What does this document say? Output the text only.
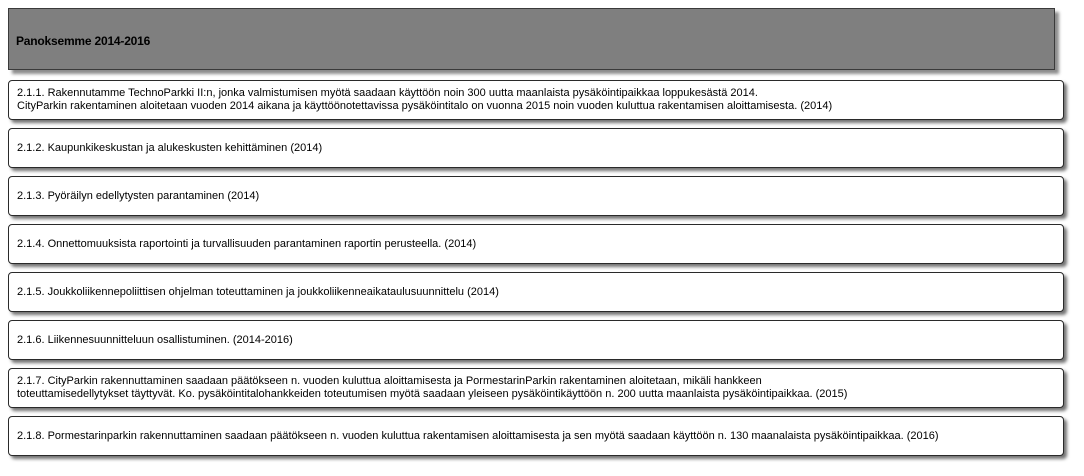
Panoksemme 2014-2016
2.1.1. Rakennutamme TechnoParkki II:n, jonka valmistumisen myötä saadaan käyttöön noin 300 uutta maanlaista pysäköintipaikkaa loppukesästä 2014.
CityParkin rakentaminen aloitetaan vuoden 2014 aikana ja käyttöönotettavissa pysäköintitalo on vuonna 2015 noin vuoden kuluttua rakentamisen aloittamisesta. (2014)
2.1.2. Kaupunkikeskustan ja alukeskusten kehittäminen (2014)
2.1.3. Pyöräilyn edellytysten parantaminen (2014)
2.1.4. Onnettomuuksista raportointi ja turvallisuuden parantaminen raportin perusteella. (2014)
2.1.5. Joukkoliikennepoliittisen ohjelman toteuttaminen ja joukkoliikenneaikataulusuunnittelu (2014)
2.1.6. Liikennesuunnitteluun osallistuminen. (2014-2016)
2.1.7. CityParkin rakennuttaminen saadaan päätökseen n. vuoden kuluttua aloittamisesta ja PormestarinParkin rakentaminen aloitetaan, mikäli hankkeen
toteuttamisedellytykset täyttyvät. Ko. pysäköintitalohankkeiden toteutumisen myötä saadaan yleiseen pysäköintikäyttöön n. 200 uutta maanlaista pysäköintipaikkaa. (2015)
2.1.8. Pormestarinparkin rakennuttaminen saadaan päätökseen n. vuoden kuluttua rakentamisen aloittamisesta ja sen myötä saadaan käyttöön n. 130 maanalaista pysäköintipaikkaa. (2016)
